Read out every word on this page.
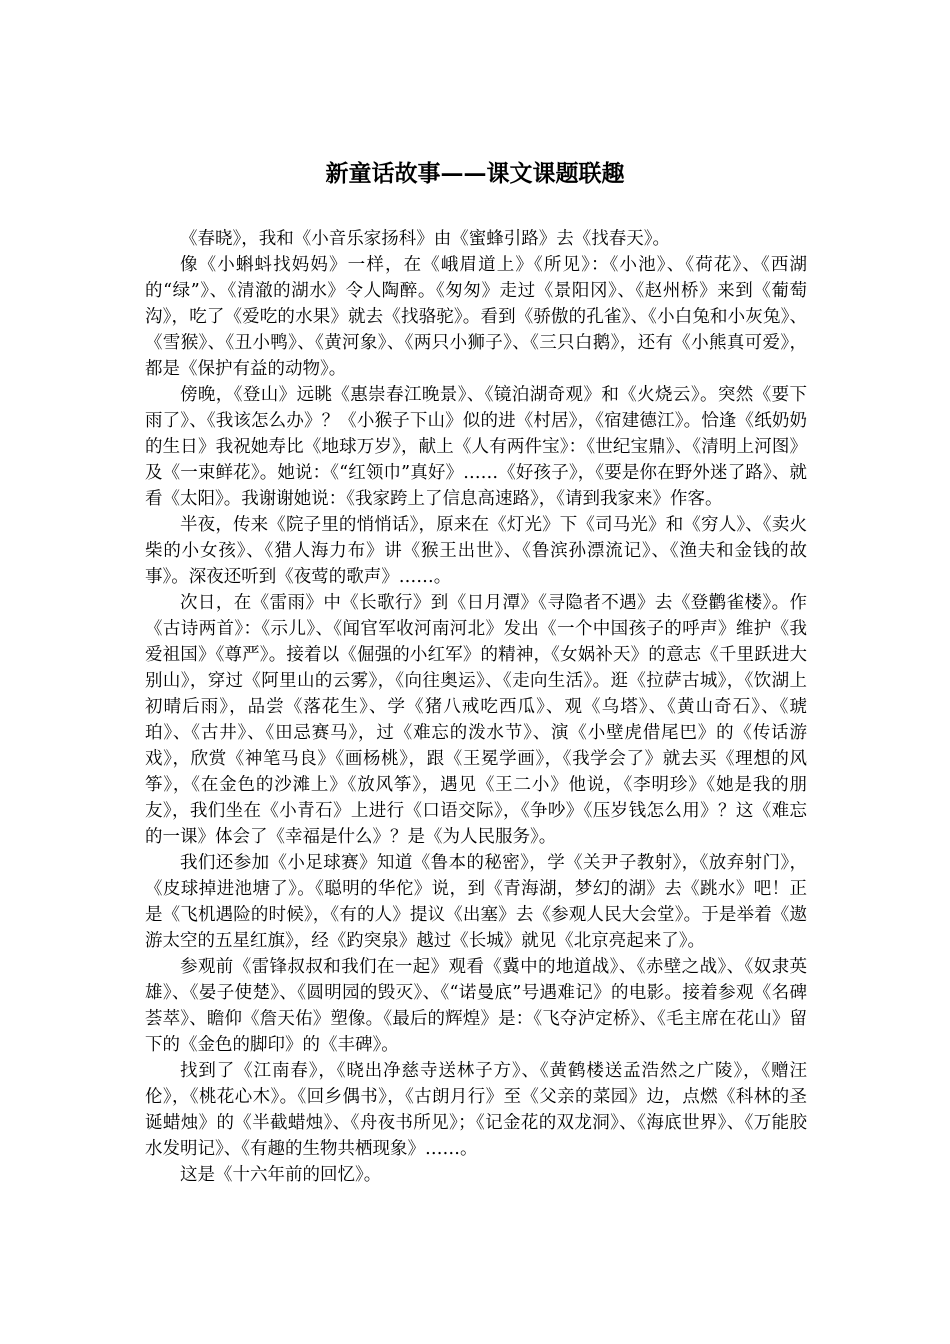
新童话故事——课文课题联趣

《春晓》，我和《小音乐家扬科》由《蜜蜂引路》去《找春天》。

像《小蝌蚪找妈妈》一样，在《峨眉道上》《所见》：《小池》、《荷花》、《西湖的“绿”》、《清澈的湖水》令人陶醉。《匆匆》走过《景阳冈》、《赵州桥》来到《葡萄沟》，吃了《爱吃的水果》就去《找骆驼》。看到《骄傲的孔雀》、《小白兔和小灰兔》、《雪猴》、《丑小鸭》、《黄河象》、《两只小狮子》、《三只白鹅》，还有《小熊真可爱》，都是《保护有益的动物》。

傍晚，《登山》远眺《惠崇春江晚景》、《镜泊湖奇观》和《火烧云》。突然《要下雨了》、《我该怎么办》？《小猴子下山》似的进《村居》，《宿建德江》。恰逢《纸奶奶的生日》我祝她寿比《地球万岁》，献上《人有两件宝》：《世纪宝鼎》、《清明上河图》及《一束鲜花》。她说：《“红领巾”真好》……《好孩子》，《要是你在野外迷了路》、就看《太阳》。我谢谢她说：《我家跨上了信息高速路》，《请到我家来》作客。

半夜，传来《院子里的悄悄话》，原来在《灯光》下《司马光》和《穷人》、《卖火柴的小女孩》、《猎人海力布》讲《猴王出世》、《鲁滨孙漂流记》、《渔夫和金钱的故事》。深夜还听到《夜莺的歌声》……。

次日，在《雷雨》中《长歌行》到《日月潭》《寻隐者不遇》去《登鹳雀楼》。作《古诗两首》：《示儿》、《闻官军收河南河北》发出《一个中国孩子的呼声》维护《我爱祖国》《尊严》。接着以《倔强的小红军》的精神，《女娲补天》的意志《千里跃进大别山》，穿过《阿里山的云雾》，《向往奥运》、《走向生活》。逛《拉萨古城》，《饮湖上初晴后雨》，品尝《落花生》、学《猪八戒吃西瓜》、观《乌塔》、《黄山奇石》、《琥珀》、《古井》、《田忌赛马》，过《难忘的泼水节》、演《小壁虎借尾巴》的《传话游戏》，欣赏《神笔马良》《画杨桃》，跟《王冕学画》，《我学会了》就去买《理想的风筝》，《在金色的沙滩上》《放风筝》，遇见《王二小》他说，《李明珍》《她是我的朋友》，我们坐在《小青石》上进行《口语交际》，《争吵》《压岁钱怎么用》？这《难忘的一课》体会了《幸福是什么》？是《为人民服务》。

我们还参加《小足球赛》知道《鲁本的秘密》，学《关尹子教射》，《放弃射门》，《皮球掉进池塘了》。《聪明的华佗》说，到《青海湖，梦幻的湖》去《跳水》吧！正是《飞机遇险的时候》，《有的人》提议《出塞》去《参观人民大会堂》。于是举着《遨游太空的五星红旗》，经《趵突泉》越过《长城》就见《北京亮起来了》。

参观前《雷锋叔叔和我们在一起》观看《冀中的地道战》、《赤壁之战》、《奴隶英雄》、《晏子使楚》、《圆明园的毁灭》、《“诺曼底”号遇难记》的电影。接着参观《名碑荟萃》、瞻仰《詹天佑》塑像。《最后的辉煌》是：《飞夺泸定桥》、《毛主席在花山》留下的《金色的脚印》的《丰碑》。

找到了《江南春》，《晓出净慈寺送林子方》、《黄鹤楼送孟浩然之广陵》，《赠汪伦》，《桃花心木》。《回乡偶书》，《古朗月行》至《父亲的菜园》边，点燃《科林的圣诞蜡烛》的《半截蜡烛》、《舟夜书所见》；《记金花的双龙洞》、《海底世界》、《万能胶水发明记》、《有趣的生物共栖现象》……。

这是《十六年前的回忆》。
